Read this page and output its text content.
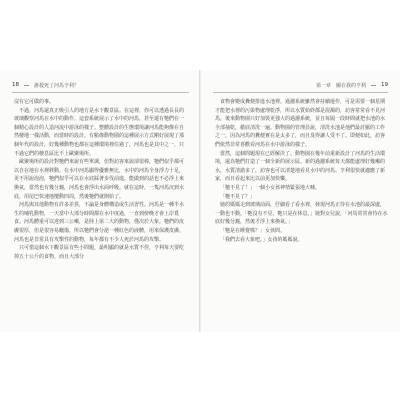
18	誰殺死了河馬亨利？

沒有它可做的事。

不過，河馬還真正吸引人的地方是水下觀景區。在這裡，你可以透過長長的玻璃觀察河馬在水中的動作。這套系統展示了水中的河馬，甚至還有牠們在一個精心設計的人造河流中游泳的樣子。整體設計的生態環境讓河馬能夠像在自然棲地一樣活動，而當時的設計，有點像動物園的這種展示方式剛好展現了那個年代的設計，好幾種動物也都在這種環境裡住過了，河馬也是其中之一，只不過它們的棲息區比不上歐聚場所。

歐聚場所的設計對牠們來說有些單調，但對訪客來說卻很棒，牠們似乎都可以自在地在水裡移動。在水中河馬顯得優雅無比，水中的河馬全身浮力十足，更不用說泡泡，牠們似乎可以在水底踩著步伐前進，能做到的話也不必浮上來換氣，當然也有幾分鐘，河馬也會浮出水面呼吸。就在這時，一隻河馬沉到水底，用尾巴快速地攪動四周，然後牠們就開始了。

河馬與其他動物有許多差異，不論是身體構造或生活習性。河馬是一種半水生的哺乳動物，一天當中大部分時間都在水中度過，一直到傍晚才會上岸覓食。河馬體重可以達到三公噸，是陸上第二大的動物，僅次於大象。牠們的皮膚很厚，但是很容易曬傷，所以牠們會分泌一種紅色的液體，用來保護皮膚。河馬也是非常具有攻擊性的動物，每年都有不少人死於河馬的攻擊。

只可惜這個水下觀景區有些小問題，最明顯的就是水質不佳，亨利每天要吃掉五十公斤的食物，而且大部分

第一章 關在我的亨利	19

食物會變成糞便排進水池裡。過濾系統雖然會持續運作，可是需要一個星期才能把水裡的污染物處理乾淨，所以水質始終都是混濁的，訪客常常看不見河馬。後來動物園只好加裝更強大的過濾系統，並且每隔一段時間就把水池的水全部抽乾，徹底清洗一遍。動物園的管理員說，清洗水池是他們最討厭的工作之一，因為河馬的糞便實在是太多了，而且臭得讓人受不了。即便如此，訪客們依然非常喜歡看河馬在水中游泳的樣子。

當然，這個問題現在已經解決了。動物園在幾年前重新設計了河馬的生活環境，還為牠們打造了一個全新的展示區。新的過濾系統每天都能處理好幾噸的水，水質清澈多了，訪客也可以清楚地看見水中的河馬。亨利很快就適應了新家，而且看起來比以前更加快樂。

「牠不見了！」一個小女孩神情緊張地大喊。

「牠不見了？」

她的媽媽走到玻璃前面，仔細看了看水裡，發現河馬正待在水池的最深處，一動也不動。「牠沒有不見，牠只是在休息。」她對女兒說，「河馬常常會待在水底好幾分鐘，然後才浮上來換氣。」

「牠是在睡覺嗎？」女孩問。

「我們去看大象吧。」女孩的媽媽說。
